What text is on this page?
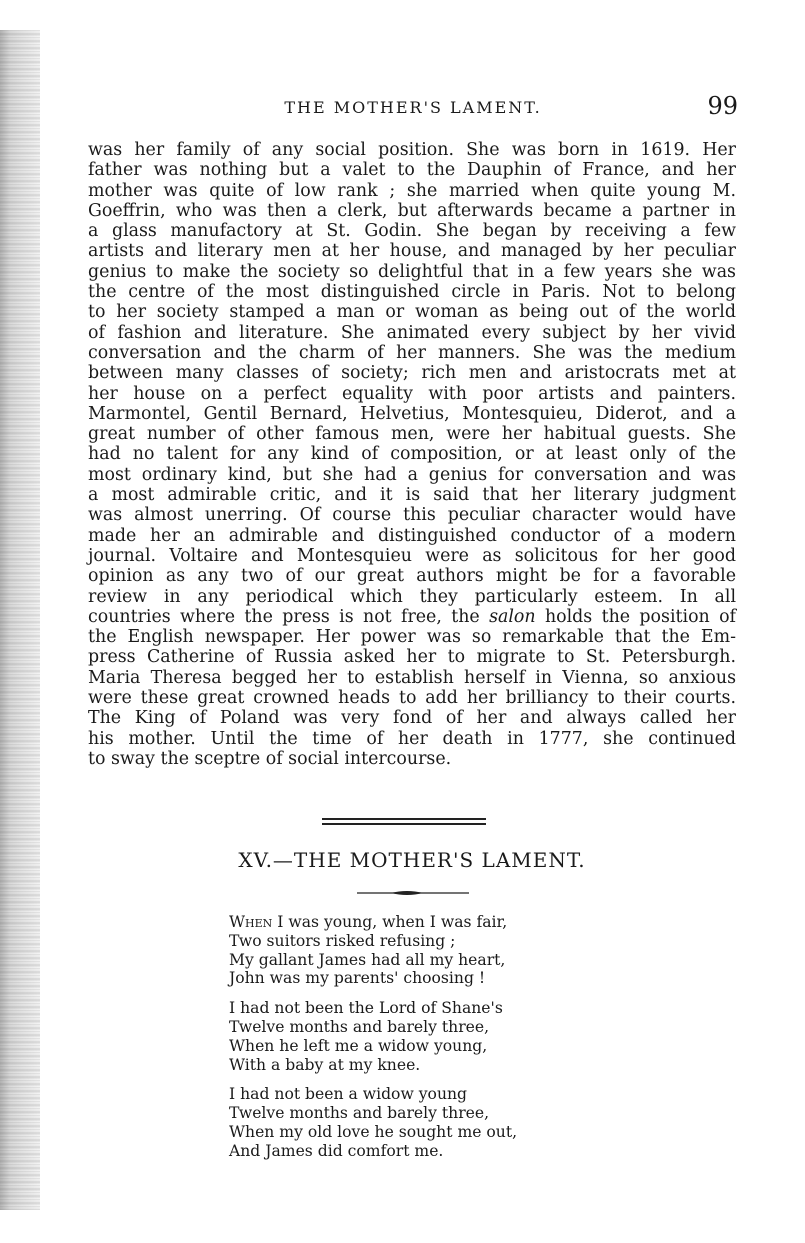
THE MOTHER'S LAMENT.	99
was her family of any social position. She was born in 1619. Her
father was nothing but a valet to the Dauphin of France, and her
mother was quite of low rank ; she married when quite young M.
Goeffrin, who was then a clerk, but afterwards became a partner in
a glass manufactory at St. Godin. She began by receiving a few
artists and literary men at her house, and managed by her peculiar
genius to make the society so delightful that in a few years she was
the centre of the most distinguished circle in Paris. Not to belong
to her society stamped a man or woman as being out of the world
of fashion and literature. She animated every subject by her vivid
conversation and the charm of her manners. She was the medium
between many classes of society; rich men and aristocrats met at
her house on a perfect equality with poor artists and painters.
Marmontel, Gentil Bernard, Helvetius, Montesquieu, Diderot, and a
great number of other famous men, were her habitual guests. She
had no talent for any kind of composition, or at least only of the
most ordinary kind, but she had a genius for conversation and was
a most admirable critic, and it is said that her literary judgment
was almost unerring. Of course this peculiar character would have
made her an admirable and distinguished conductor of a modern
journal. Voltaire and Montesquieu were as solicitous for her good
opinion as any two of our great authors might be for a favorable
review in any periodical which they particularly esteem. In all
countries where the press is not free, the salon holds the position of
the English newspaper. Her power was so remarkable that the Em-
press Catherine of Russia asked her to migrate to St. Petersburgh.
Maria Theresa begged her to establish herself in Vienna, so anxious
were these great crowned heads to add her brilliancy to their courts.
The King of Poland was very fond of her and always called her
his mother. Until the time of her death in 1777, she continued
to sway the sceptre of social intercourse.
XV.—THE MOTHER'S LAMENT.
When I was young, when I was fair,
Two suitors risked refusing ;
My gallant James had all my heart,
John was my parents' choosing !
I had not been the Lord of Shane's
Twelve months and barely three,
When he left me a widow young,
With a baby at my knee.
I had not been a widow young
Twelve months and barely three,
When my old love he sought me out,
And James did comfort me.
